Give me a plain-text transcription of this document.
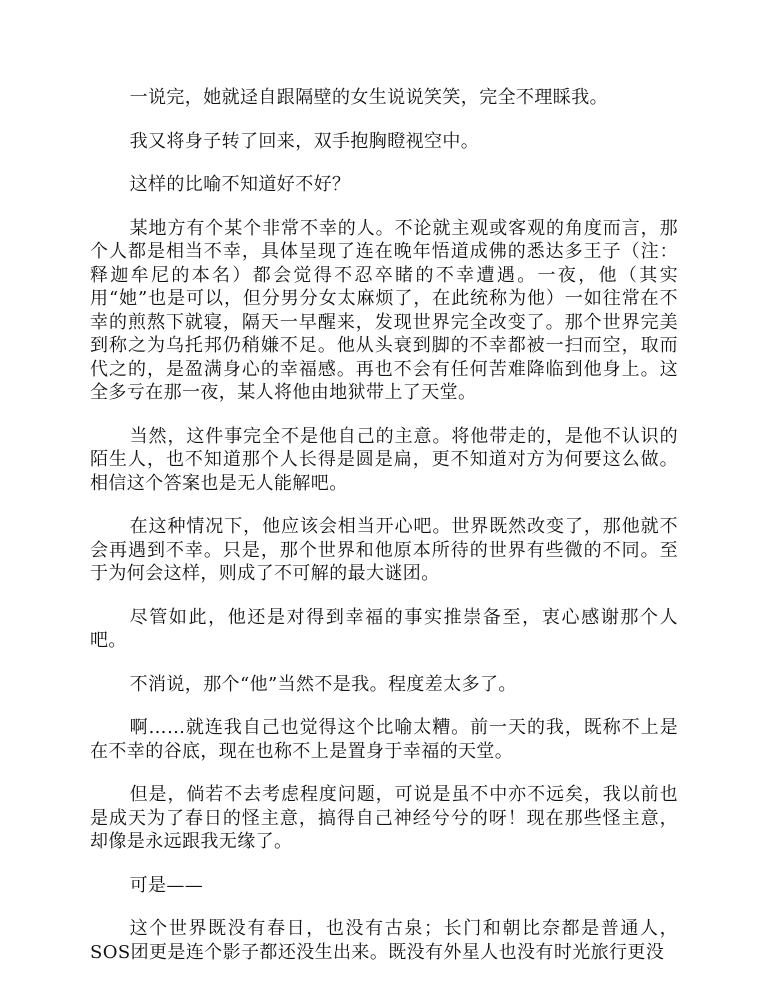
一说完，她就迳自跟隔壁的女生说说笑笑，完全不理睬我。

我又将身子转了回来，双手抱胸瞪视空中。

这样的比喻不知道好不好？

某地方有个某个非常不幸的人。不论就主观或客观的角度而言，那个人都是相当不幸，具体呈现了连在晚年悟道成佛的悉达多王子（注：释迦牟尼的本名）都会觉得不忍卒睹的不幸遭遇。一夜，他（其实用“她”也是可以，但分男分女太麻烦了，在此统称为他）一如往常在不幸的煎熬下就寝，隔天一早醒来，发现世界完全改变了。那个世界完美到称之为乌托邦仍稍嫌不足。他从头衰到脚的不幸都被一扫而空，取而代之的，是盈满身心的幸福感。再也不会有任何苦难降临到他身上。这全多亏在那一夜，某人将他由地狱带上了天堂。

当然，这件事完全不是他自己的主意。将他带走的，是他不认识的陌生人，也不知道那个人长得是圆是扁，更不知道对方为何要这么做。相信这个答案也是无人能解吧。

在这种情况下，他应该会相当开心吧。世界既然改变了，那他就不会再遇到不幸。只是，那个世界和他原本所待的世界有些微的不同。至于为何会这样，则成了不可解的最大谜团。

尽管如此，他还是对得到幸福的事实推崇备至，衷心感谢那个人吧。

不消说，那个“他”当然不是我。程度差太多了。

啊……就连我自己也觉得这个比喻太糟。前一天的我，既称不上是在不幸的谷底，现在也称不上是置身于幸福的天堂。

但是，倘若不去考虑程度问题，可说是虽不中亦不远矣，我以前也是成天为了春日的怪主意，搞得自己神经兮兮的呀！现在那些怪主意，却像是永远跟我无缘了。

可是——

这个世界既没有春日，也没有古泉；长门和朝比奈都是普通人，SOS团更是连个影子都还没生出来。既没有外星人也没有时光旅行更没
